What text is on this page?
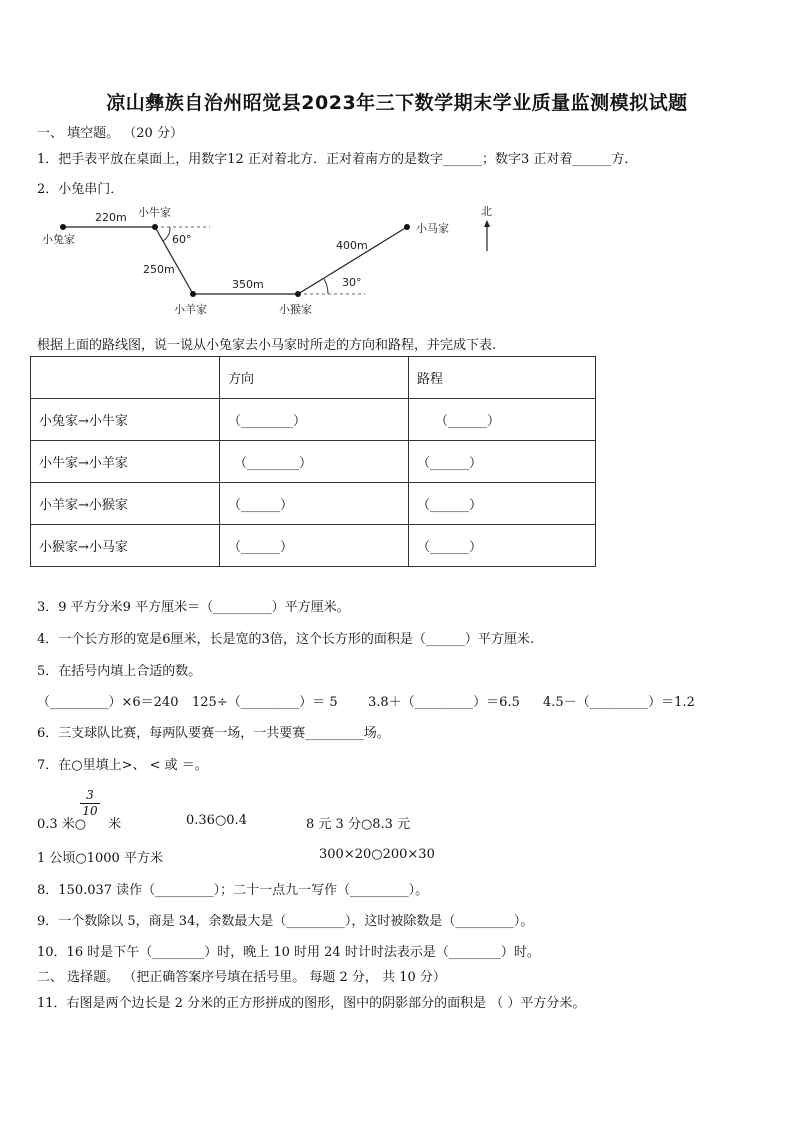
凉山彝族自治州昭觉县2023年三下数学期末学业质量监测模拟试题
一、 填空题。 （20 分）
1．把手表平放在桌面上，用数字12 正对着北方．正对着南方的是数字______；数字3 正对着______方．
2．小兔串门．
小兔家
小牛家
小羊家	小猴家
小马家
220m
250m
350m
400m
60°
30°
北
根据上面的路线图，说一说从小兔家去小马家时所走的方向和路程，并完成下表.
	方向	路程
小兔家→小牛家	（________）	（______）
小牛家→小羊家	（________）	（______）
小羊家→小猴家	（______）	（______）
小猴家→小马家	（______）	（______）
3．9 平方分米9 平方厘米＝（_________）平方厘米。
4．一个长方形的宽是6厘米，长是宽的3倍，这个长方形的面积是（______）平方厘米.
5．在括号内填上合适的数。
（_________）×6＝240 125÷（_________）＝ 5 3.8＋（_________）＝6.5 4.5－（_________）＝1.2
6．三支球队比赛，每两队要赛一场，一共要赛_________场。
7．在○里填上>、 < 或 ＝。
0.3 米○ 米
$\frac{3}{10}$
0.36○0.4	8 元 3 分○8.3 元
1 公顷○1000 平方米	300×20○200×30
8．150.037 读作（_________）；二十一点九一写作（_________）。
9．一个数除以 5，商是 34，余数最大是（_________），这时被除数是（_________）。
10．16 时是下午（________）时，晚上 10 时用 24 时计时法表示是（________）时。
二、 选择题。 （把正确答案序号填在括号里。 每题 2 分， 共 10 分）
11．右图是两个边长是 2 分米的正方形拼成的图形，图中的阴影部分的面积是 （ ）平方分米。
